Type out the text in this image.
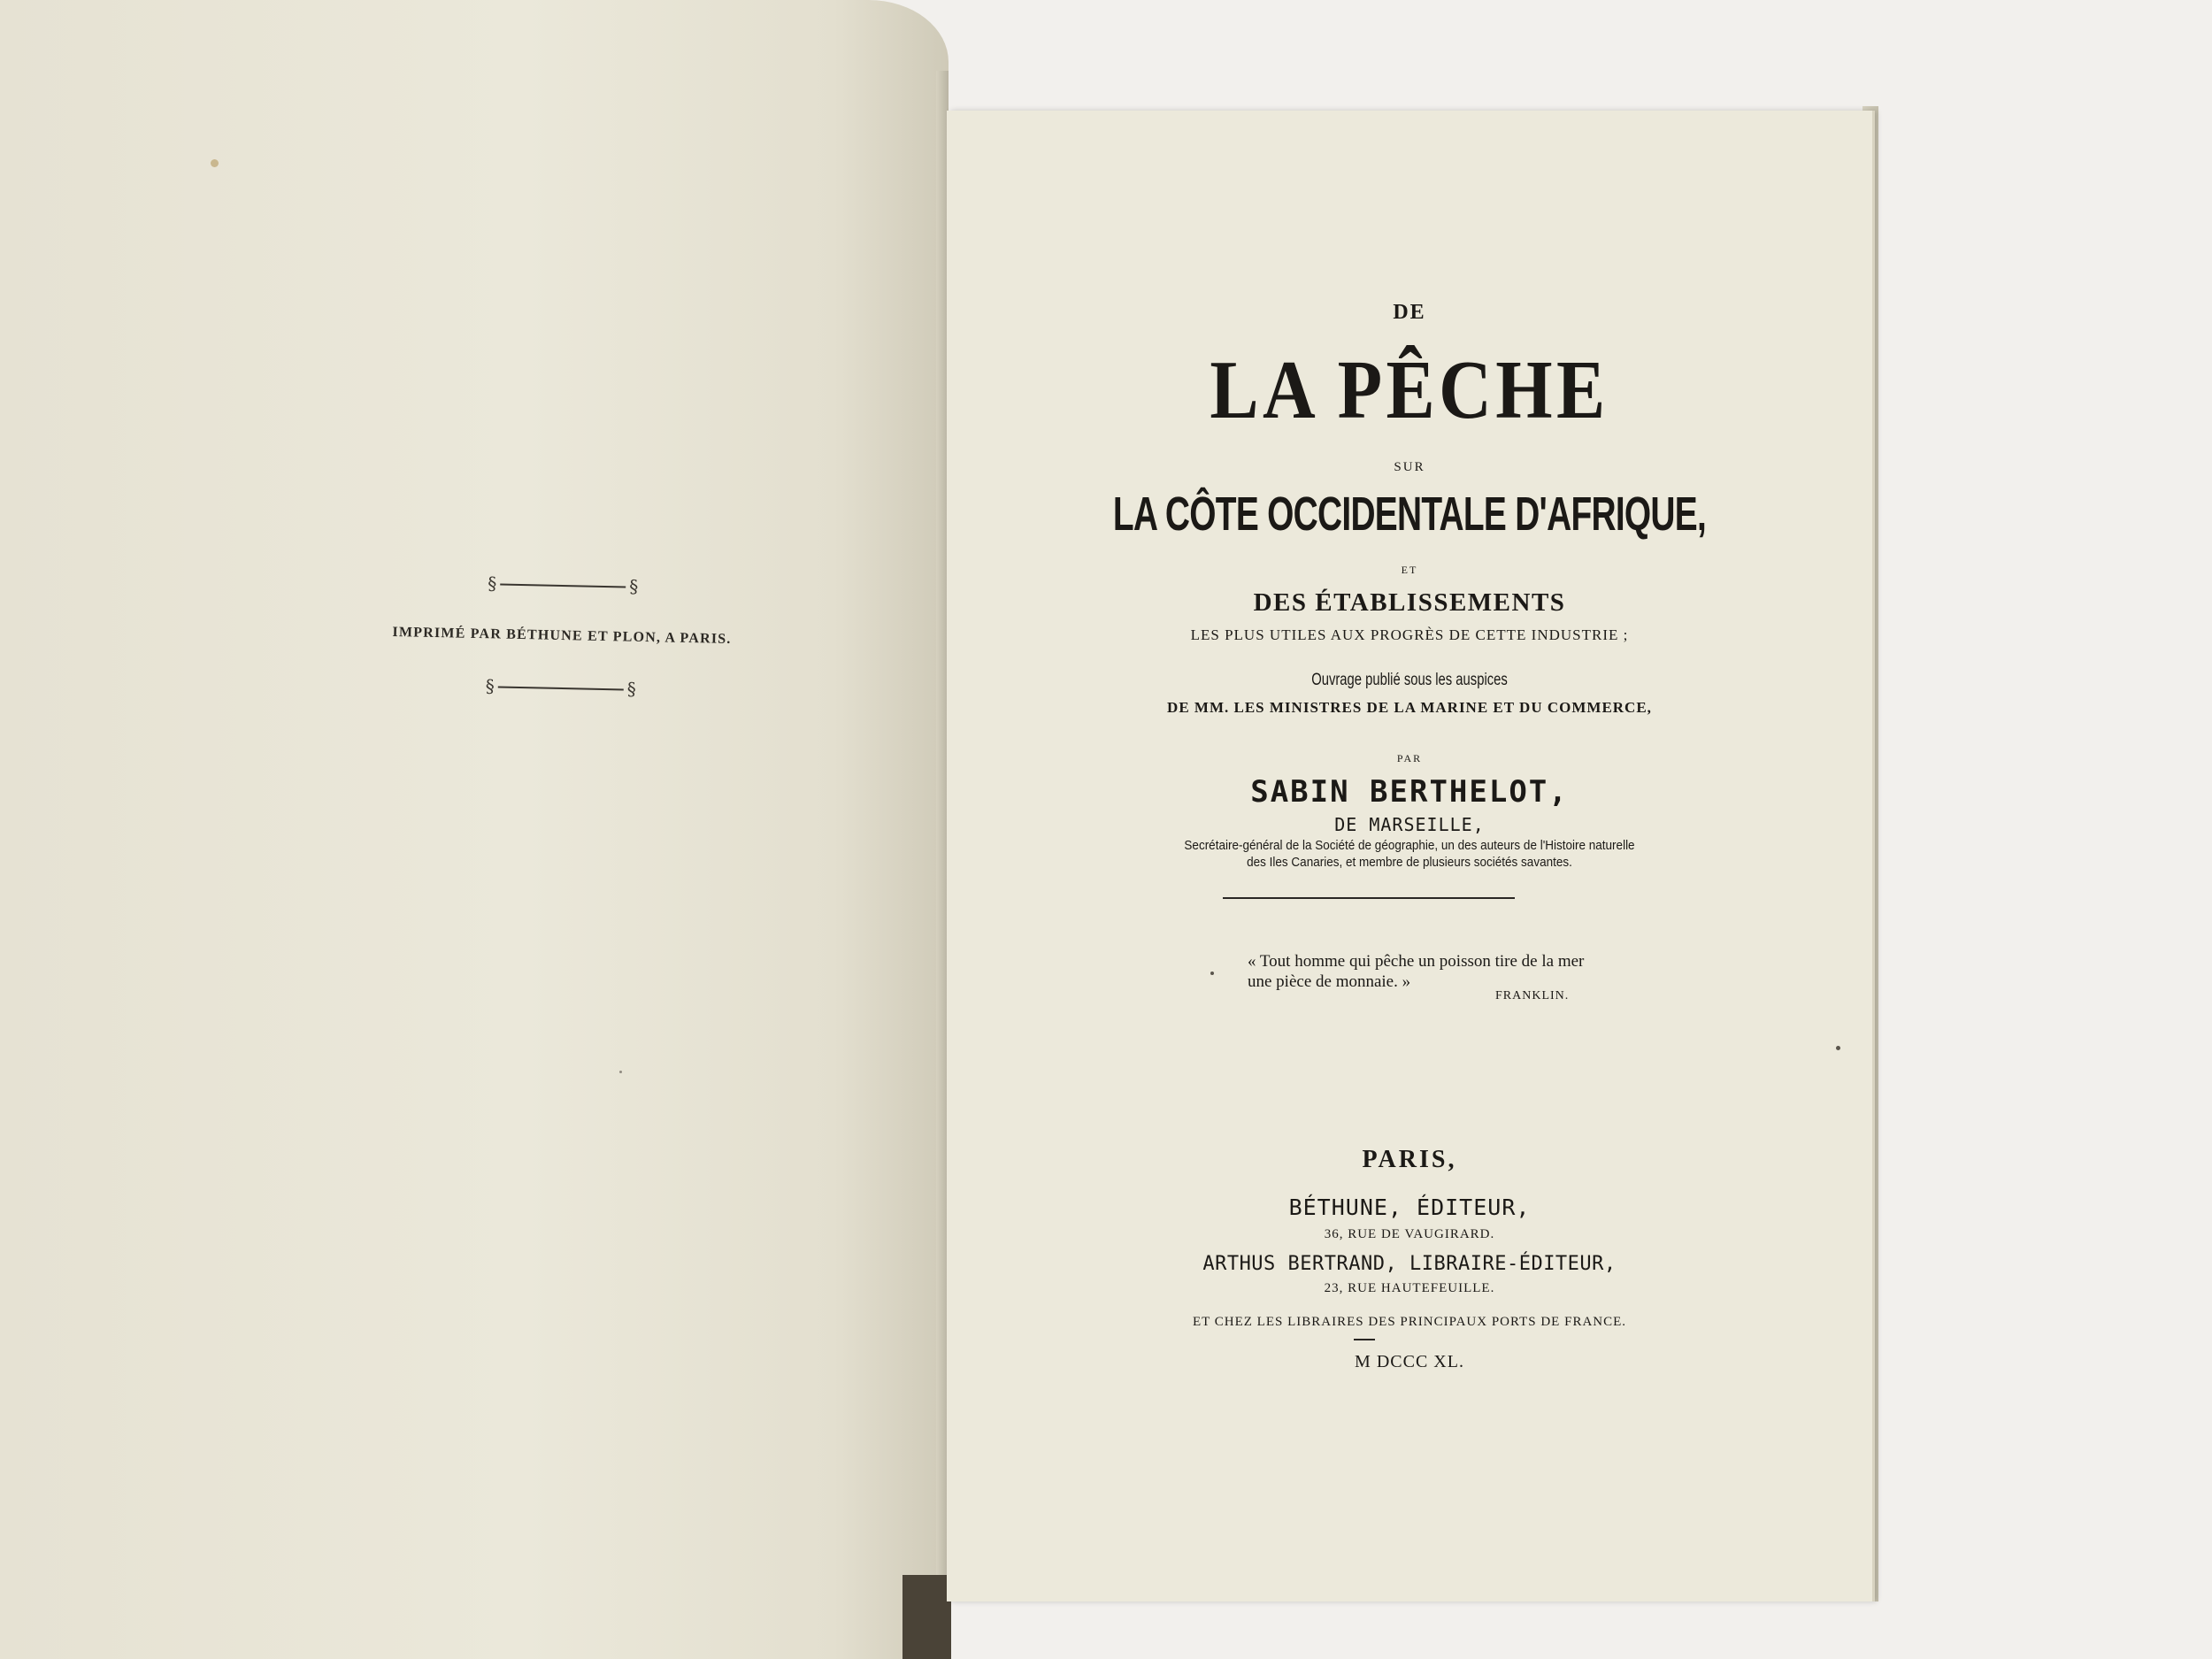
§	§
IMPRIMÉ PAR BÉTHUNE ET PLON, A PARIS.
§	§
DE
LA PÊCHE
SUR
LA CÔTE OCCIDENTALE D'AFRIQUE,
ET
DES ÉTABLISSEMENTS
LES PLUS UTILES AUX PROGRÈS DE CETTE INDUSTRIE ;
Ouvrage publié sous les auspices
DE MM. LES MINISTRES DE LA MARINE ET DU COMMERCE,
PAR
SABIN BERTHELOT,
DE MARSEILLE,
Secrétaire-général de la Société de géographie, un des auteurs de l'Histoire naturelle
des Iles Canaries, et membre de plusieurs sociétés savantes.
« Tout homme qui pêche un poisson tire de la mer
une pièce de monnaie. »
FRANKLIN.
PARIS,
BÉTHUNE, ÉDITEUR,
36, RUE DE VAUGIRARD.
ARTHUS BERTRAND, LIBRAIRE-ÉDITEUR,
23, RUE HAUTEFEUILLE.
ET CHEZ LES LIBRAIRES DES PRINCIPAUX PORTS DE FRANCE.
M DCCC XL.
